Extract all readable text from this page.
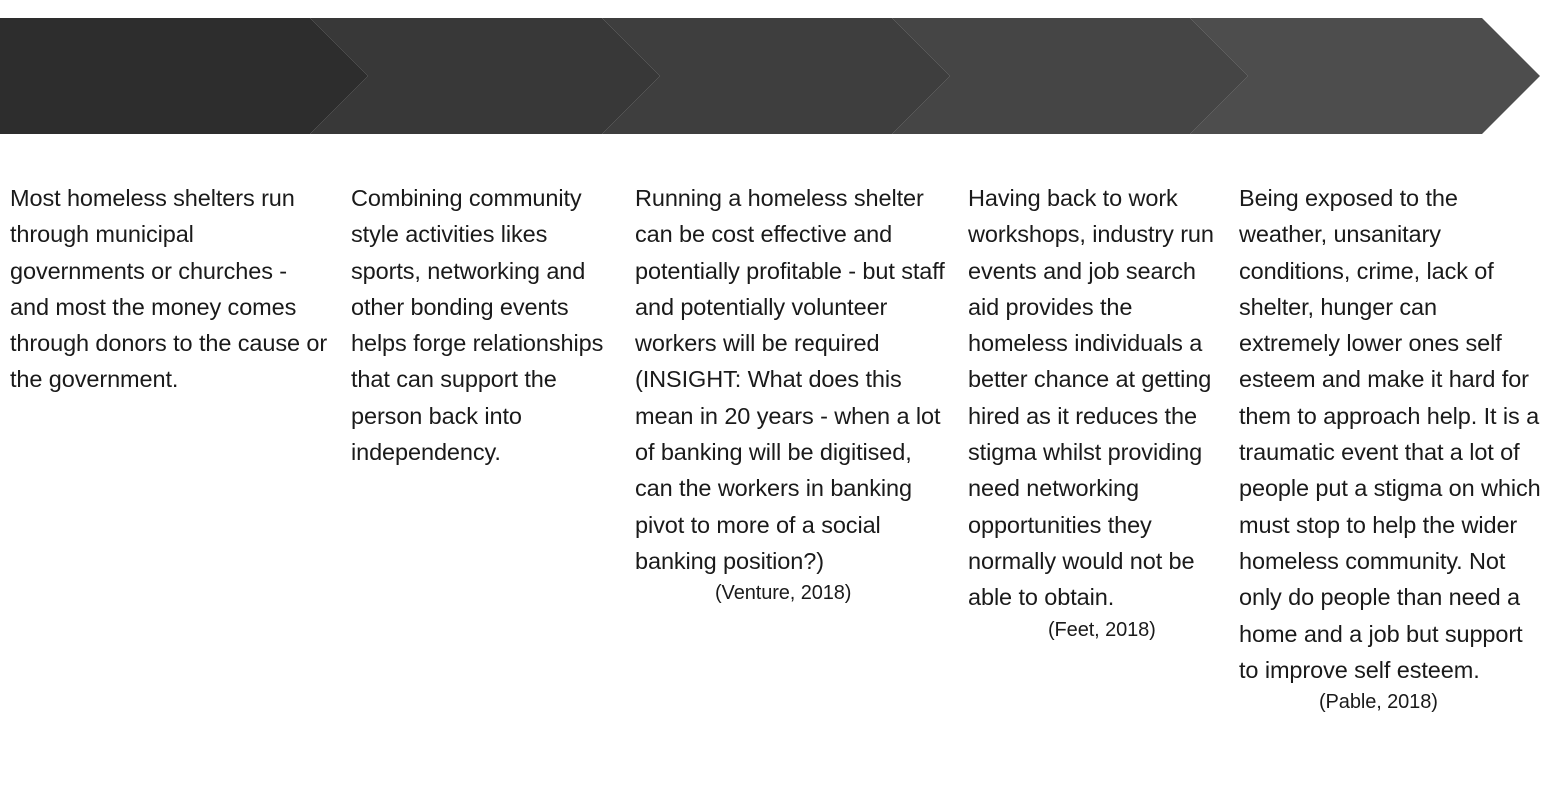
Most homeless shelters run through municipal governments or churches - and most the money comes through donors to the cause or the government.

Combining community style activities likes sports, networking and other bonding events helps forge relationships that can support the person back into independency.

Running a homeless shelter can be cost effective and potentially profitable - but staff and potentially volunteer workers will be required (INSIGHT: What does this mean in 20 years - when a lot of banking will be digitised, can the workers in banking pivot to more of a social banking position?)

(Venture, 2018)

Having back to work workshops, industry run events and job search aid provides the homeless individuals a better chance at getting hired as it reduces the stigma whilst providing need networking opportunities they normally would not be able to obtain.

(Feet, 2018)

Being exposed to the weather, unsanitary conditions, crime, lack of shelter, hunger can extremely lower ones self esteem and make it hard for them to approach help. It is a traumatic event that a lot of people put a stigma on which must stop to help the wider homeless community. Not only do people than need a home and a job but support to improve self esteem.

(Pable, 2018)
